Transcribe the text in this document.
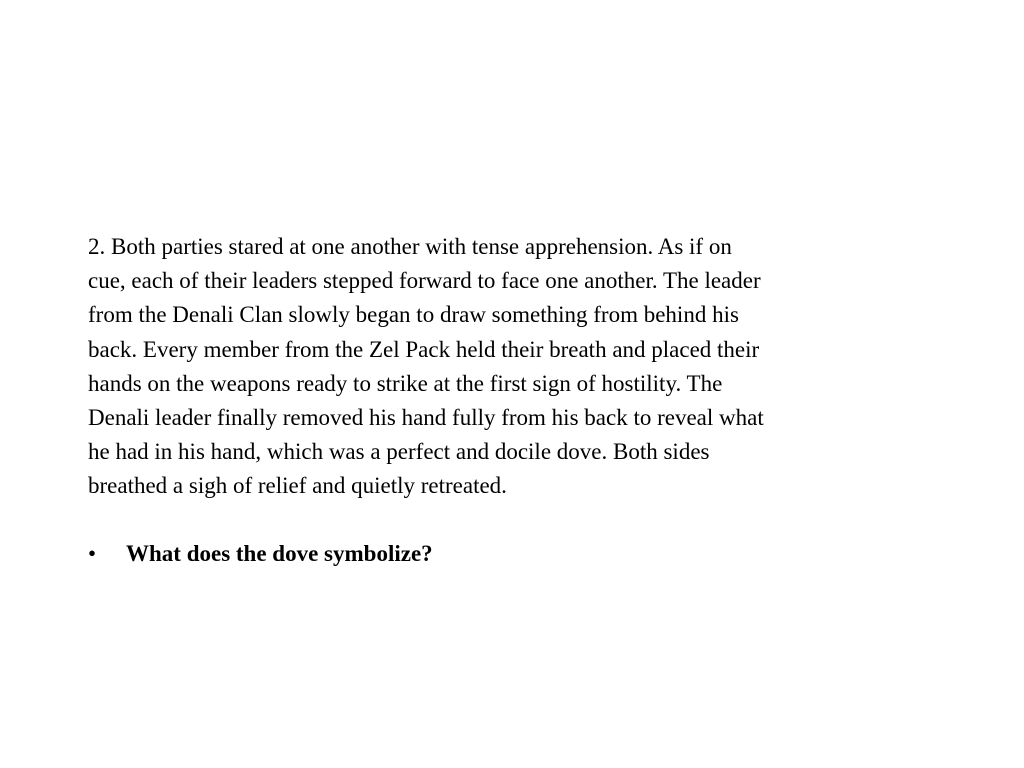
2. Both parties stared at one another with tense apprehension. As if on
cue, each of their leaders stepped forward to face one another. The leader
from the Denali Clan slowly began to draw something from behind his
back. Every member from the Zel Pack held their breath and placed their
hands on the weapons ready to strike at the first sign of hostility. The
Denali leader finally removed his hand fully from his back to reveal what
he had in his hand, which was a perfect and docile dove. Both sides
breathed a sigh of relief and quietly retreated.

• What does the dove symbolize?
